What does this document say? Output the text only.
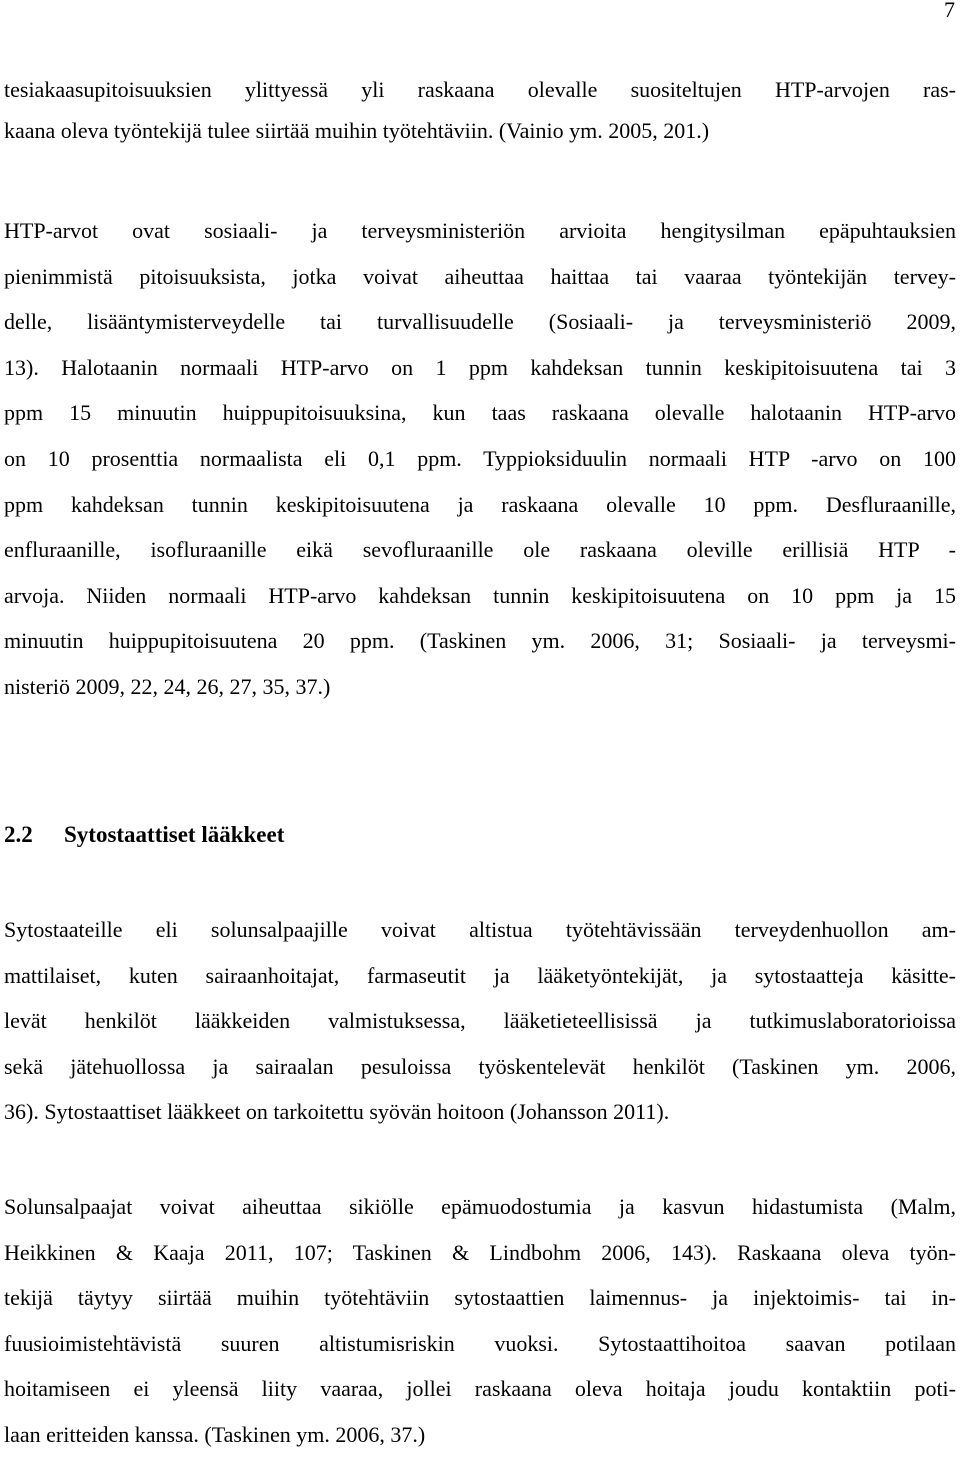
7
tesiakaasupitoisuuksien ylittyessä yli raskaana olevalle suositeltujen HTP-arvojen ras-
kaana oleva työntekijä tulee siirtää muihin työtehtäviin. (Vainio ym. 2005, 201.)
HTP-arvot ovat sosiaali- ja terveysministeriön arvioita hengitysilman epäpuhtauksien
pienimmistä pitoisuuksista, jotka voivat aiheuttaa haittaa tai vaaraa työntekijän tervey-
delle, lisääntymisterveydelle tai turvallisuudelle (Sosiaali- ja terveysministeriö 2009,
13). Halotaanin normaali HTP-arvo on 1 ppm kahdeksan tunnin keskipitoisuutena tai 3
ppm 15 minuutin huippupitoisuuksina, kun taas raskaana olevalle halotaanin HTP-arvo
on 10 prosenttia normaalista eli 0,1 ppm. Typpioksiduulin normaali HTP -arvo on 100
ppm kahdeksan tunnin keskipitoisuutena ja raskaana olevalle 10 ppm. Desfluraanille,
enfluraanille, isofluraanille eikä sevofluraanille ole raskaana oleville erillisiä HTP -
arvoja. Niiden normaali HTP-arvo kahdeksan tunnin keskipitoisuutena on 10 ppm ja 15
minuutin huippupitoisuutena 20 ppm. (Taskinen ym. 2006, 31; Sosiaali- ja terveysmi-
nisteriö 2009, 22, 24, 26, 27, 35, 37.)
2.2 Sytostaattiset lääkkeet
Sytostaateille eli solunsalpaajille voivat altistua työtehtävissään terveydenhuollon am-
mattilaiset, kuten sairaanhoitajat, farmaseutit ja lääketyöntekijät, ja sytostaatteja käsitte-
levät henkilöt lääkkeiden valmistuksessa, lääketieteellisissä ja tutkimuslaboratorioissa
sekä jätehuollossa ja sairaalan pesuloissa työskentelevät henkilöt (Taskinen ym. 2006,
36). Sytostaattiset lääkkeet on tarkoitettu syövän hoitoon (Johansson 2011).
Solunsalpaajat voivat aiheuttaa sikiölle epämuodostumia ja kasvun hidastumista (Malm,
Heikkinen & Kaaja 2011, 107; Taskinen & Lindbohm 2006, 143). Raskaana oleva työn-
tekijä täytyy siirtää muihin työtehtäviin sytostaattien laimennus- ja injektoimis- tai in-
fuusioimistehtävistä suuren altistumisriskin vuoksi. Sytostaattihoitoa saavan potilaan
hoitamiseen ei yleensä liity vaaraa, jollei raskaana oleva hoitaja joudu kontaktiin poti-
laan eritteiden kanssa. (Taskinen ym. 2006, 37.)
